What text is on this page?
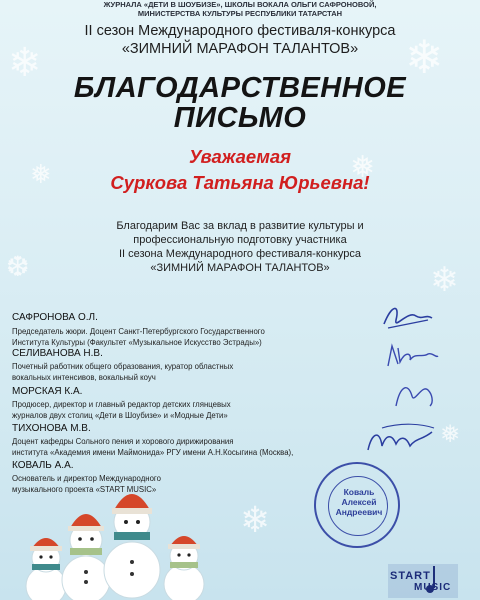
❄	❄
❅
❅
❄
❆
❄
❅
ЖУРНАЛА «ДЕТИ В ШОУБИЗЕ», ШКОЛЫ ВОКАЛА ОЛЬГИ САФРОНОВОЙ,
МИНИСТЕРСТВА КУЛЬТУРЫ РЕСПУБЛИКИ ТАТАРСТАН
II сезон Международного фестиваля-конкурса
«ЗИМНИЙ МАРАФОН ТАЛАНТОВ»
БЛАГОДАРСТВЕННОЕ
ПИСЬМО
Уважаемая
Суркова Татьяна Юрьевна!
Благодарим Вас за вклад в развитие культуры и
профессиональную подготовку участника
II сезона Международного фестиваля-конкурса
«ЗИМНИЙ МАРАФОН ТАЛАНТОВ»
САФРОНОВА О.Л.
Председатель жюри. Доцент Санкт-Петербургского Государственного
Института Культуры (Факультет «Музыкальное Искусство Эстрады»)
СЕЛИВАНОВА Н.В.
Почетный работник общего образования, куратор областных
вокальных интенсивов, вокальный коуч
МОРСКАЯ К.А.
Продюсер, директор и главный редактор детских глянцевых
журналов двух столиц «Дети в Шоубизе» и «Модные Дети»
ТИХОНОВА М.В.
Доцент кафедры Сольного пения и хорового дирижирования
института «Академия имени Маймонида» РГУ имени А.Н.Косыгина (Москва),
КОВАЛЬ А.А.
Основатель и директор Международного
музыкального проекта «START MUSIC»	Коваль
Алексей
Андреевич
START
MUSIC
